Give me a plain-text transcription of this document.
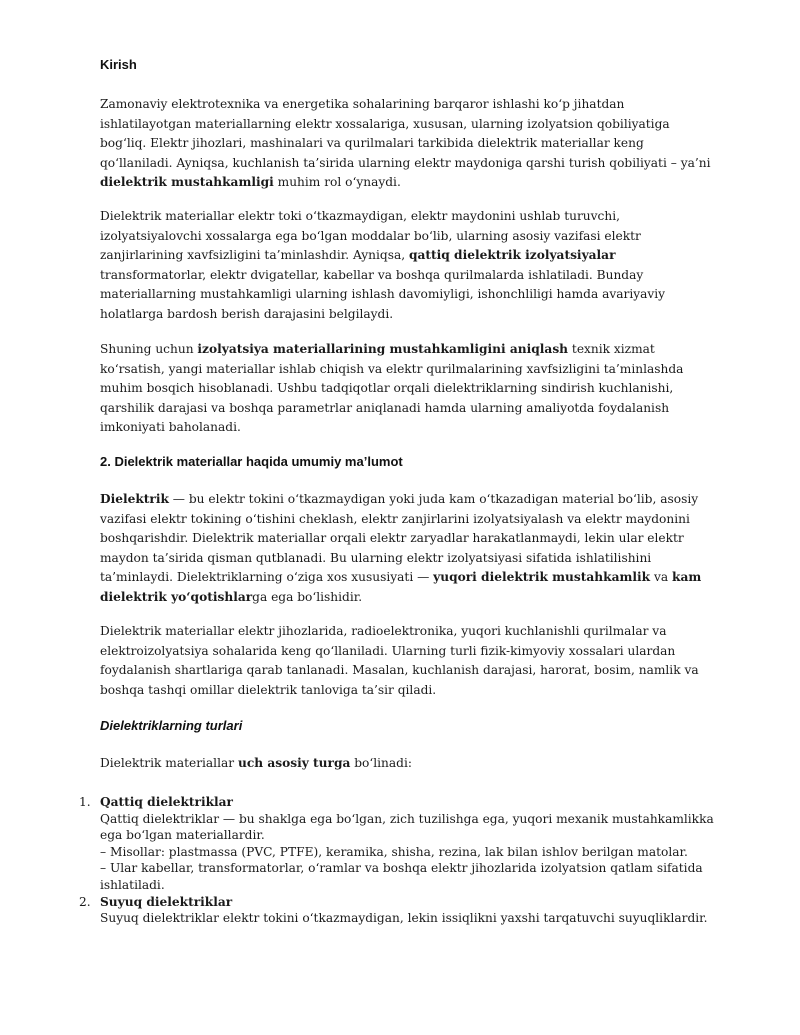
Kirish
Zamonaviy elektrotexnika va energetika sohalarining barqaror ishlashi ko‘p jihatdan
ishlatilayotgan materiallarning elektr xossalariga, xususan, ularning izolyatsion qobiliyatiga
bog‘liq. Elektr jihozlari, mashinalari va qurilmalari tarkibida dielektrik materiallar keng
qo‘llaniladi. Ayniqsa, kuchlanish ta’sirida ularning elektr maydoniga qarshi turish qobiliyati – ya’ni
dielektrik mustahkamligi muhim rol o‘ynaydi.
Dielektrik materiallar elektr toki o‘tkazmaydigan, elektr maydonini ushlab turuvchi,
izolyatsiyalovchi xossalarga ega bo‘lgan moddalar bo‘lib, ularning asosiy vazifasi elektr
zanjirlarining xavfsizligini ta’minlashdir. Ayniqsa, qattiq dielektrik izolyatsiyalar
transformatorlar, elektr dvigatellar, kabellar va boshqa qurilmalarda ishlatiladi. Bunday
materiallarning mustahkamligi ularning ishlash davomiyligi, ishonchliligi hamda avariyaviy
holatlarga bardosh berish darajasini belgilaydi.
Shuning uchun izolyatsiya materiallarining mustahkamligini aniqlash texnik xizmat
ko‘rsatish, yangi materiallar ishlab chiqish va elektr qurilmalarining xavfsizligini ta’minlashda
muhim bosqich hisoblanadi. Ushbu tadqiqotlar orqali dielektriklarning sindirish kuchlanishi,
qarshilik darajasi va boshqa parametrlar aniqlanadi hamda ularning amaliyotda foydalanish
imkoniyati baholanadi.
2. Dielektrik materiallar haqida umumiy ma’lumot
Dielektrik — bu elektr tokini o‘tkazmaydigan yoki juda kam o‘tkazadigan material bo‘lib, asosiy
vazifasi elektr tokining o‘tishini cheklash, elektr zanjirlarini izolyatsiyalash va elektr maydonini
boshqarishdir. Dielektrik materiallar orqali elektr zaryadlar harakatlanmaydi, lekin ular elektr
maydon ta’sirida qisman qutblanadi. Bu ularning elektr izolyatsiyasi sifatida ishlatilishini
ta’minlaydi. Dielektriklarning o‘ziga xos xususiyati — yuqori dielektrik mustahkamlik va kam
dielektrik yo‘qotishlarga ega bo‘lishidir.
Dielektrik materiallar elektr jihozlarida, radioelektronika, yuqori kuchlanishli qurilmalar va
elektroizolyatsiya sohalarida keng qo‘llaniladi. Ularning turli fizik-kimyoviy xossalari ulardan
foydalanish shartlariga qarab tanlanadi. Masalan, kuchlanish darajasi, harorat, bosim, namlik va
boshqa tashqi omillar dielektrik tanloviga ta’sir qiladi.
Dielektriklarning turlari
Dielektrik materiallar uch asosiy turga bo‘linadi:
1. Qattiq dielektriklar
Qattiq dielektriklar — bu shaklga ega bo‘lgan, zich tuzilishga ega, yuqori mexanik mustahkamlikka
ega bo‘lgan materiallardir.
– Misollar: plastmassa (PVC, PTFE), keramika, shisha, rezina, lak bilan ishlov berilgan matolar.
– Ular kabellar, transformatorlar, o‘ramlar va boshqa elektr jihozlarida izolyatsion qatlam sifatida
ishlatiladi.
2. Suyuq dielektriklar
Suyuq dielektriklar elektr tokini o‘tkazmaydigan, lekin issiqlikni yaxshi tarqatuvchi suyuqliklardir.
